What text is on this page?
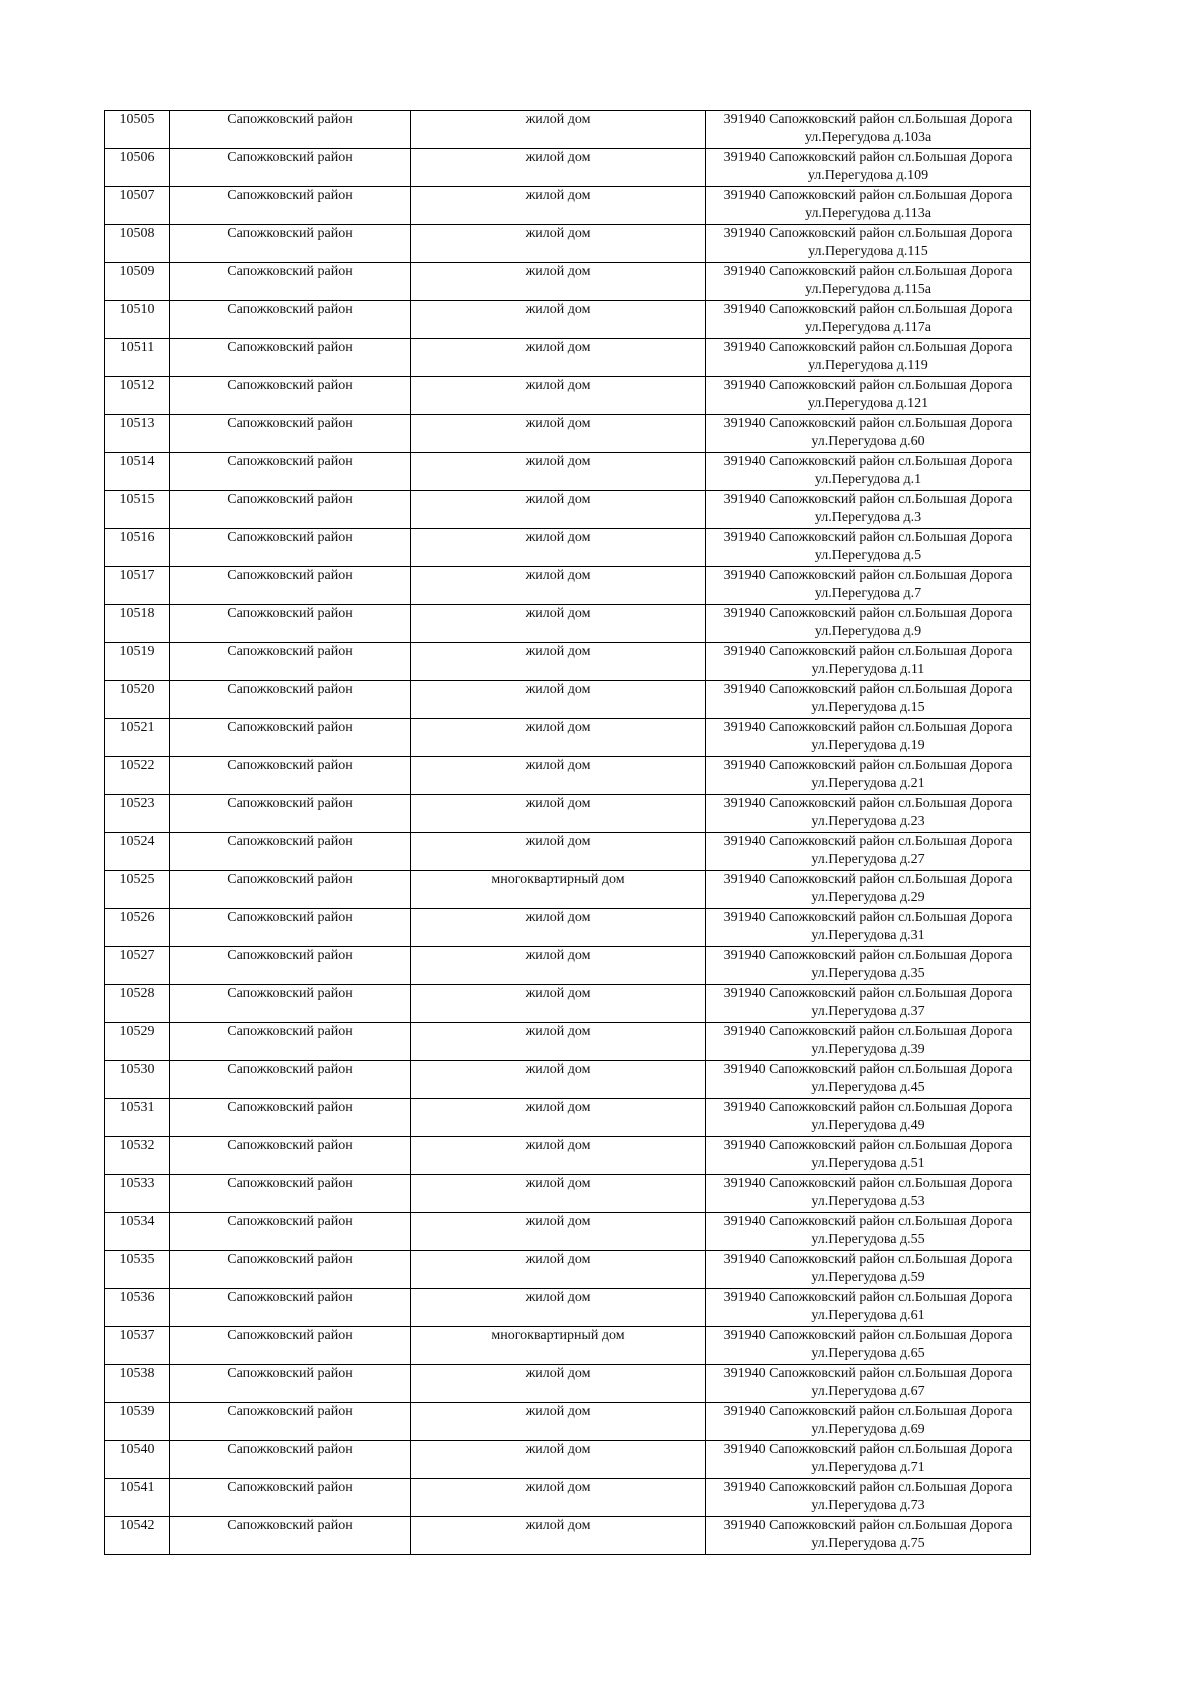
10505	Сапожковский район	жилой дом	391940 Сапожковский район сл.Большая Дорога
ул.Перегудова д.103а

10506	Сапожковский район	жилой дом	391940 Сапожковский район сл.Большая Дорога
ул.Перегудова д.109

10507	Сапожковский район	жилой дом	391940 Сапожковский район сл.Большая Дорога
ул.Перегудова д.113а

10508	Сапожковский район	жилой дом	391940 Сапожковский район сл.Большая Дорога
ул.Перегудова д.115

10509	Сапожковский район	жилой дом	391940 Сапожковский район сл.Большая Дорога
ул.Перегудова д.115а

10510	Сапожковский район	жилой дом	391940 Сапожковский район сл.Большая Дорога
ул.Перегудова д.117а

10511	Сапожковский район	жилой дом	391940 Сапожковский район сл.Большая Дорога
ул.Перегудова д.119

10512	Сапожковский район	жилой дом	391940 Сапожковский район сл.Большая Дорога
ул.Перегудова д.121

10513	Сапожковский район	жилой дом	391940 Сапожковский район сл.Большая Дорога
ул.Перегудова д.60

10514	Сапожковский район	жилой дом	391940 Сапожковский район сл.Большая Дорога
ул.Перегудова д.1

10515	Сапожковский район	жилой дом	391940 Сапожковский район сл.Большая Дорога
ул.Перегудова д.3

10516	Сапожковский район	жилой дом	391940 Сапожковский район сл.Большая Дорога
ул.Перегудова д.5

10517	Сапожковский район	жилой дом	391940 Сапожковский район сл.Большая Дорога
ул.Перегудова д.7

10518	Сапожковский район	жилой дом	391940 Сапожковский район сл.Большая Дорога
ул.Перегудова д.9

10519	Сапожковский район	жилой дом	391940 Сапожковский район сл.Большая Дорога
ул.Перегудова д.11

10520	Сапожковский район	жилой дом	391940 Сапожковский район сл.Большая Дорога
ул.Перегудова д.15

10521	Сапожковский район	жилой дом	391940 Сапожковский район сл.Большая Дорога
ул.Перегудова д.19

10522	Сапожковский район	жилой дом	391940 Сапожковский район сл.Большая Дорога
ул.Перегудова д.21

10523	Сапожковский район	жилой дом	391940 Сапожковский район сл.Большая Дорога
ул.Перегудова д.23

10524	Сапожковский район	жилой дом	391940 Сапожковский район сл.Большая Дорога
ул.Перегудова д.27

10525	Сапожковский район	многоквартирный дом	391940 Сапожковский район сл.Большая Дорога
ул.Перегудова д.29

10526	Сапожковский район	жилой дом	391940 Сапожковский район сл.Большая Дорога
ул.Перегудова д.31

10527	Сапожковский район	жилой дом	391940 Сапожковский район сл.Большая Дорога
ул.Перегудова д.35

10528	Сапожковский район	жилой дом	391940 Сапожковский район сл.Большая Дорога
ул.Перегудова д.37

10529	Сапожковский район	жилой дом	391940 Сапожковский район сл.Большая Дорога
ул.Перегудова д.39

10530	Сапожковский район	жилой дом	391940 Сапожковский район сл.Большая Дорога
ул.Перегудова д.45

10531	Сапожковский район	жилой дом	391940 Сапожковский район сл.Большая Дорога
ул.Перегудова д.49

10532	Сапожковский район	жилой дом	391940 Сапожковский район сл.Большая Дорога
ул.Перегудова д.51

10533	Сапожковский район	жилой дом	391940 Сапожковский район сл.Большая Дорога
ул.Перегудова д.53

10534	Сапожковский район	жилой дом	391940 Сапожковский район сл.Большая Дорога
ул.Перегудова д.55

10535	Сапожковский район	жилой дом	391940 Сапожковский район сл.Большая Дорога
ул.Перегудова д.59

10536	Сапожковский район	жилой дом	391940 Сапожковский район сл.Большая Дорога
ул.Перегудова д.61

10537	Сапожковский район	многоквартирный дом	391940 Сапожковский район сл.Большая Дорога
ул.Перегудова д.65

10538	Сапожковский район	жилой дом	391940 Сапожковский район сл.Большая Дорога
ул.Перегудова д.67

10539	Сапожковский район	жилой дом	391940 Сапожковский район сл.Большая Дорога
ул.Перегудова д.69

10540	Сапожковский район	жилой дом	391940 Сапожковский район сл.Большая Дорога
ул.Перегудова д.71

10541	Сапожковский район	жилой дом	391940 Сапожковский район сл.Большая Дорога
ул.Перегудова д.73

10542	Сапожковский район	жилой дом	391940 Сапожковский район сл.Большая Дорога
ул.Перегудова д.75
